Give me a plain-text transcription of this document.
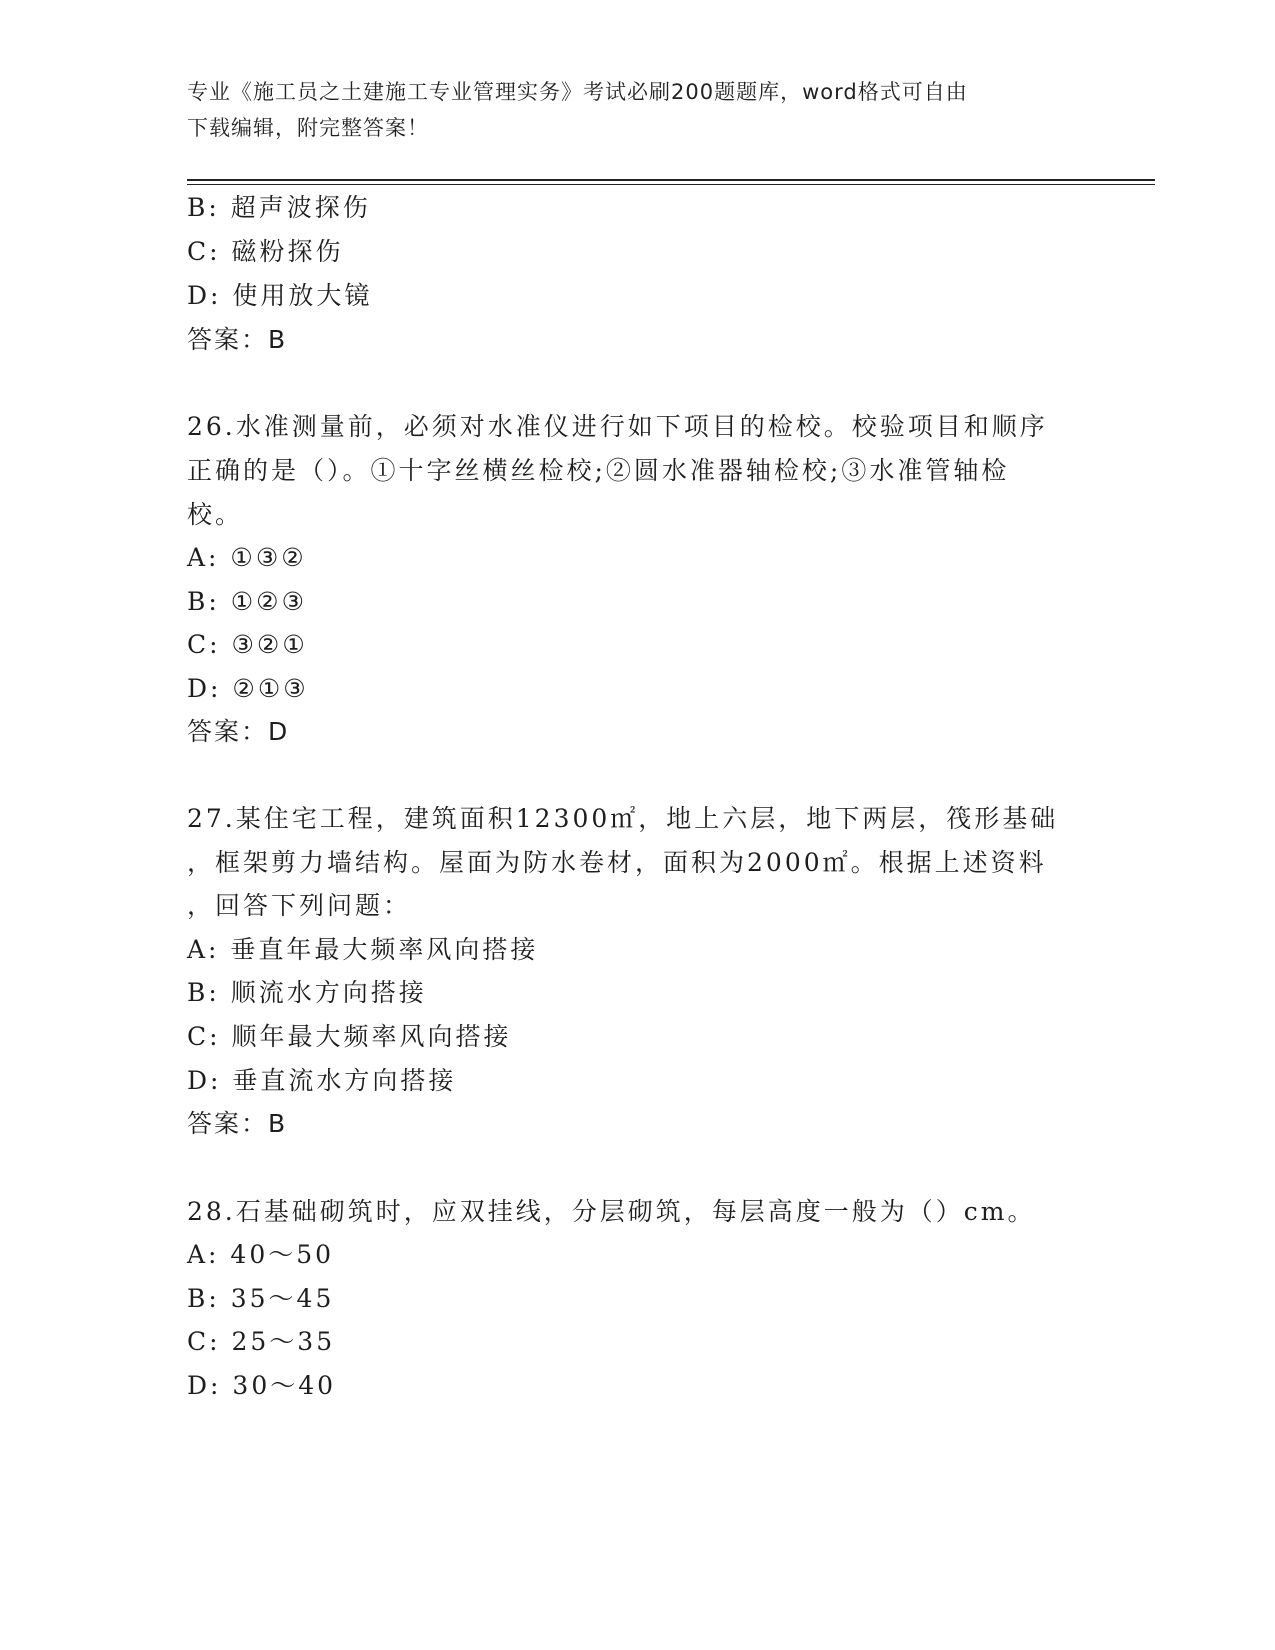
专业《施工员之土建施工专业管理实务》考试必刷200题题库，word格式可自由
下载编辑，附完整答案！
B: 超声波探伤
C: 磁粉探伤
D: 使用放大镜
答案：B
26.水准测量前，必须对水准仪进行如下项目的检校。校验项目和顺序
正确的是（）。①十字丝横丝检校;②圆水准器轴检校;③水准管轴检
校。
A: ①③②
B: ①②③
C: ③②①
D: ②①③
答案：D
27.某住宅工程，建筑面积12300㎡，地上六层，地下两层，筏形基础
，框架剪力墙结构。屋面为防水卷材，面积为2000㎡。根据上述资料
，回答下列问题：
A: 垂直年最大频率风向搭接
B: 顺流水方向搭接
C: 顺年最大频率风向搭接
D: 垂直流水方向搭接
答案：B
28.石基础砌筑时，应双挂线，分层砌筑，每层高度一般为（）cm。
A: 40～50
B: 35～45
C: 25～35
D: 30～40
